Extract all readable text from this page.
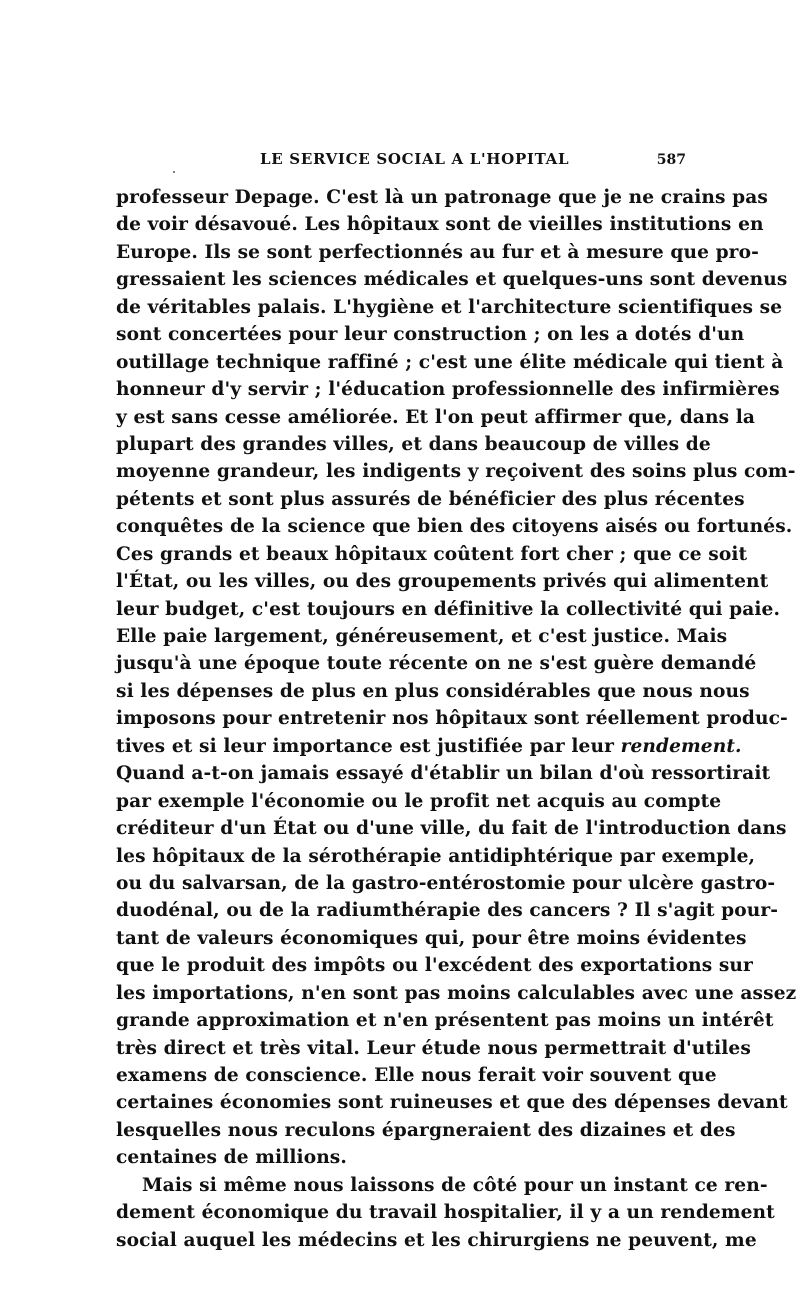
LE SERVICE SOCIAL A L'HOPITAL	587
professeur Depage. C'est là un patronage que je ne crains pas
de voir désavoué. Les hôpitaux sont de vieilles institutions en
Europe. Ils se sont perfectionnés au fur et à mesure que pro-
gressaient les sciences médicales et quelques-uns sont devenus
de véritables palais. L'hygiène et l'architecture scientifiques se
sont concertées pour leur construction ; on les a dotés d'un
outillage technique raffiné ; c'est une élite médicale qui tient à
honneur d'y servir ; l'éducation professionnelle des infirmières
y est sans cesse améliorée. Et l'on peut affirmer que, dans la
plupart des grandes villes, et dans beaucoup de villes de
moyenne grandeur, les indigents y reçoivent des soins plus com-
pétents et sont plus assurés de bénéficier des plus récentes
conquêtes de la science que bien des citoyens aisés ou fortunés.
Ces grands et beaux hôpitaux coûtent fort cher ; que ce soit
l'État, ou les villes, ou des groupements privés qui alimentent
leur budget, c'est toujours en définitive la collectivité qui paie.
Elle paie largement, généreusement, et c'est justice. Mais
jusqu'à une époque toute récente on ne s'est guère demandé
si les dépenses de plus en plus considérables que nous nous
imposons pour entretenir nos hôpitaux sont réellement produc-
tives et si leur importance est justifiée par leur rendement.
Quand a-t-on jamais essayé d'établir un bilan d'où ressortirait
par exemple l'économie ou le profit net acquis au compte
créditeur d'un État ou d'une ville, du fait de l'introduction dans
les hôpitaux de la sérothérapie antidiphtérique par exemple,
ou du salvarsan, de la gastro-entérostomie pour ulcère gastro-
duodénal, ou de la radiumthérapie des cancers ? Il s'agit pour-
tant de valeurs économiques qui, pour être moins évidentes
que le produit des impôts ou l'excédent des exportations sur
les importations, n'en sont pas moins calculables avec une assez
grande approximation et n'en présentent pas moins un intérêt
très direct et très vital. Leur étude nous permettrait d'utiles
examens de conscience. Elle nous ferait voir souvent que
certaines économies sont ruineuses et que des dépenses devant
lesquelles nous reculons épargneraient des dizaines et des
centaines de millions.
Mais si même nous laissons de côté pour un instant ce ren-
dement économique du travail hospitalier, il y a un rendement
social auquel les médecins et les chirurgiens ne peuvent, me
